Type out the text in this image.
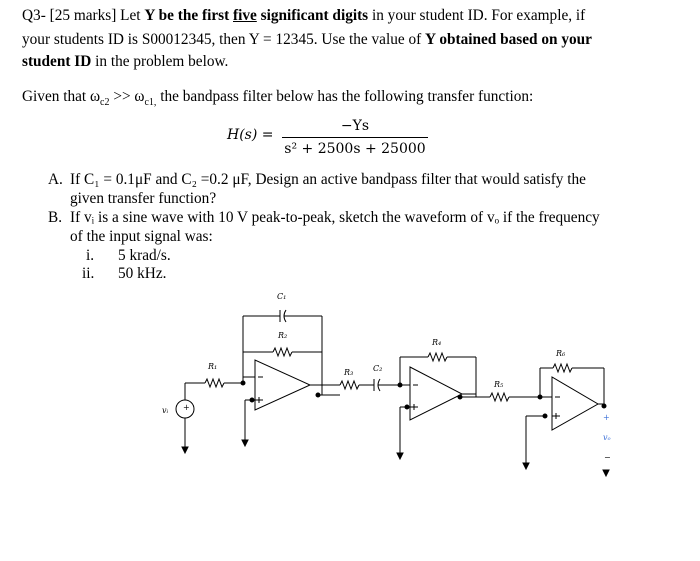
Q3- [25 marks] Let Y be the first five significant digits in your student ID. For example, if
your students ID is S00012345, then Y = 12345. Use the value of Y obtained based on your
student ID in the problem below.
Given that $\omega_{c2} >> \omega_{c1,}$ the bandpass filter below has the following transfer function:
H(s) =
−Ys
s² + 2500s + 25000
A. If C₁ = 0.1μF and C₂ =0.2 μF, Design an active bandpass filter that would satisfy the
given transfer function?
B. If vᵢ is a sine wave with 10 V peak-to-peak, sketch the waveform of vₒ if the frequency
of the input signal was:
i. 5 krad/s.
ii. 50 kHz.
+
vᵢ
R₁
C₁
R₂
R₃ C₂
R₄
R₅
R₆
+
vₒ
−
